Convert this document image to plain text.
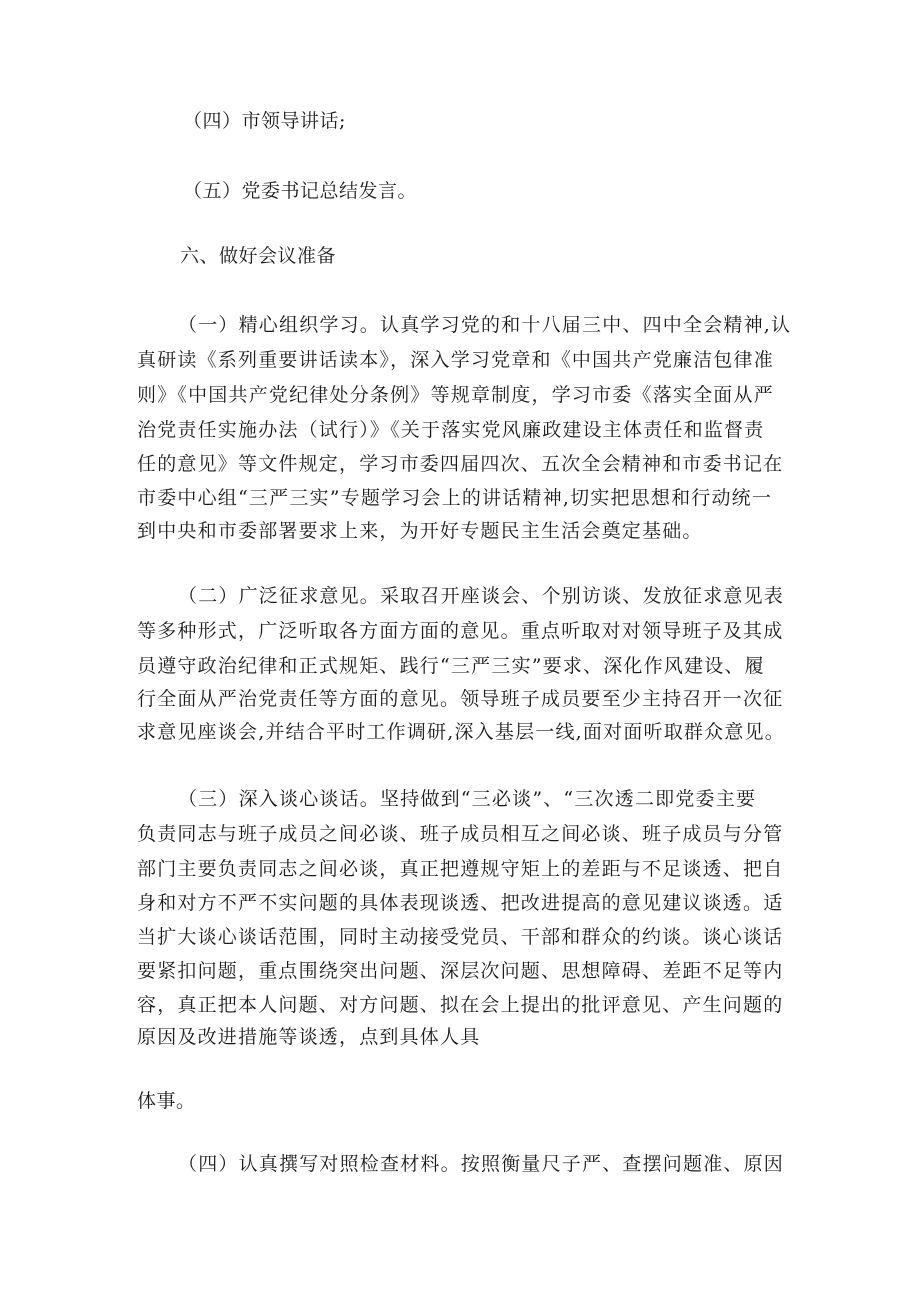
（四）市领导讲话;
（五）党委书记总结发言。
六、做好会议准备
（一）精心组织学习。认真学习党的和十八届三中、四中全会精神,认
真研读《系列重要讲话读本》，深入学习党章和《中国共产党廉洁包律准
则》《中国共产党纪律处分条例》等规章制度，学习市委《落实全面从严
治党责任实施办法（试行）》《关于落实党风廉政建设主体责任和监督责
任的意见》等文件规定，学习市委四届四次、五次全会精神和市委书记在
市委中心组“三严三实”专题学习会上的讲话精神,切实把思想和行动统一
到中央和市委部署要求上来，为开好专题民主生活会奠定基础。
（二）广泛征求意见。采取召开座谈会、个别访谈、发放征求意见表
等多种形式，广泛听取各方面方面的意见。重点听取对对领导班子及其成
员遵守政治纪律和正式规矩、践行“三严三实”要求、深化作风建设、履
行全面从严治党责任等方面的意见。领导班子成员要至少主持召开一次征
求意见座谈会,并结合平时工作调研,深入基层一线,面对面听取群众意见。
（三）深入谈心谈话。坚持做到“三必谈”、“三次透二即党委主要
负责同志与班子成员之间必谈、班子成员相互之间必谈、班子成员与分管
部门主要负责同志之间必谈，真正把遵规守矩上的差距与不足谈透、把自
身和对方不严不实问题的具体表现谈透、把改进提高的意见建议谈透。适
当扩大谈心谈话范围，同时主动接受党员、干部和群众的约谈。谈心谈话
要紧扣问题，重点围绕突出问题、深层次问题、思想障碍、差距不足等内
容，真正把本人问题、对方问题、拟在会上提出的批评意见、产生问题的
原因及改进措施等谈透，点到具体人具
体事。
（四）认真撰写对照检查材料。按照衡量尺子严、查摆问题准、原因
